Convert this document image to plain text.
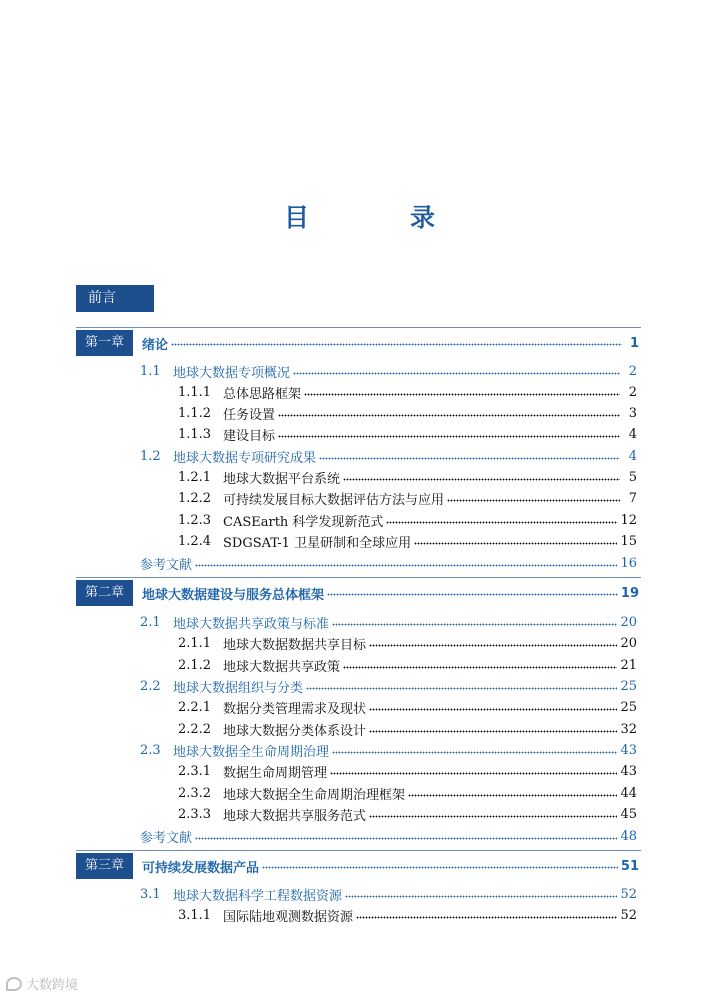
目　录
前言
第一章	绪论	1
1.1 地球大数据专项概况	2
1.1.1 总体思路框架	2
1.1.2 任务设置	3
1.1.3 建设目标	4
1.2 地球大数据专项研究成果	4
1.2.1 地球大数据平台系统	5
1.2.2 可持续发展目标大数据评估方法与应用	7
1.2.3 CASEarth 科学发现新范式	12
1.2.4 SDGSAT-1 卫星研制和全球应用	15
参考文献	16
第二章	地球大数据建设与服务总体框架	19
2.1 地球大数据共享政策与标准	20
2.1.1 地球大数据数据共享目标	20
2.1.2 地球大数据共享政策	21
2.2 地球大数据组织与分类	25
2.2.1 数据分类管理需求及现状	25
2.2.2 地球大数据分类体系设计	32
2.3 地球大数据全生命周期治理	43
2.3.1 数据生命周期管理	43
2.3.2 地球大数据全生命周期治理框架	44
2.3.3 地球大数据共享服务范式	45
参考文献	48
第三章	可持续发展数据产品	51
3.1 地球大数据科学工程数据资源	52
3.1.1 国际陆地观测数据资源	52
大数跨境
